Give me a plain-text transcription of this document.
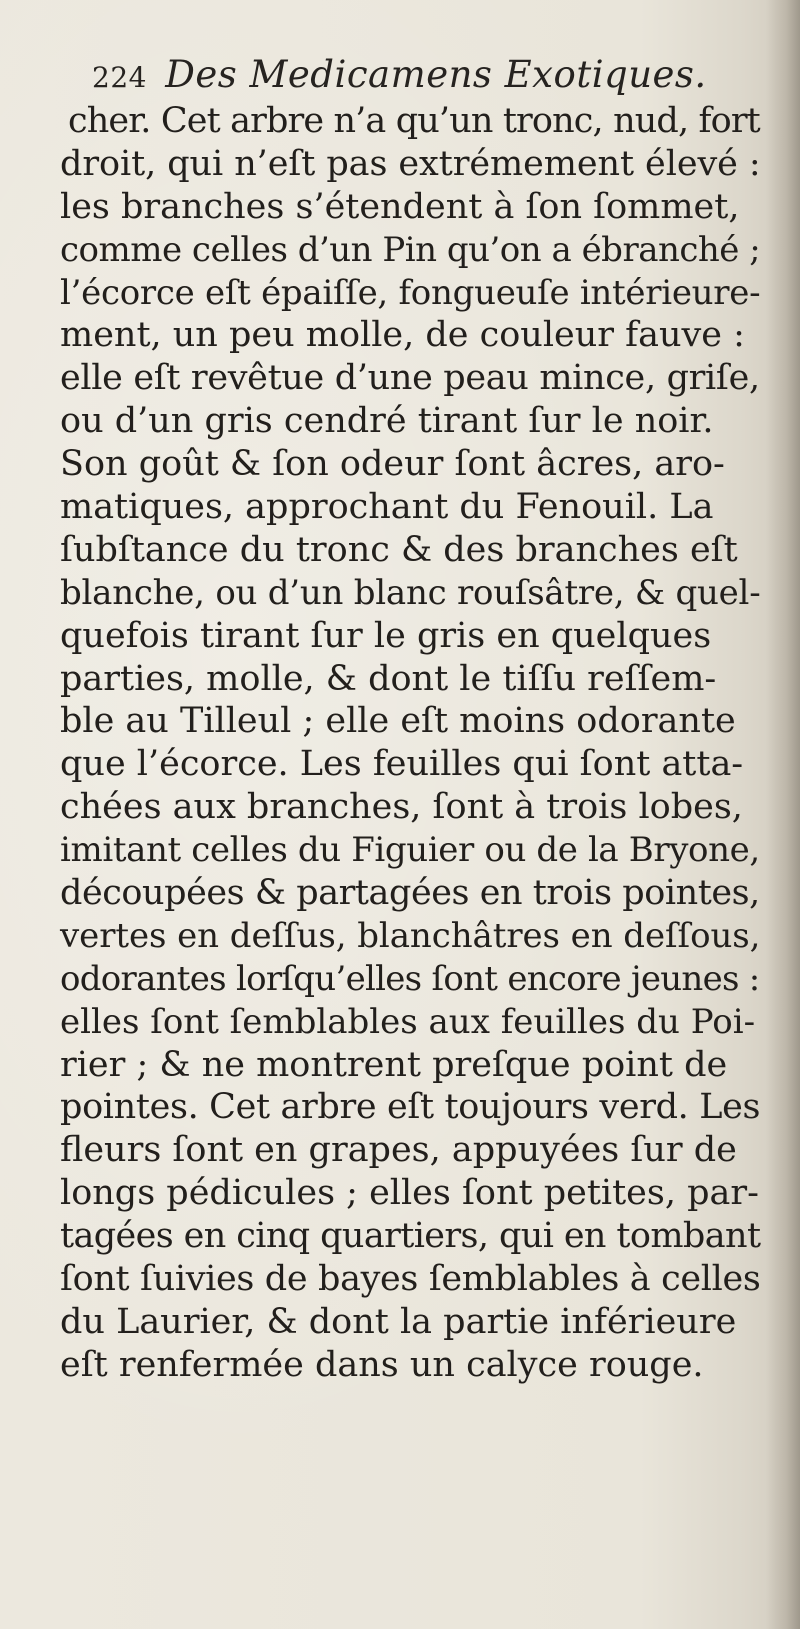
224 Des Medicamens Exotiques.
cher. Cet arbre n’a qu’un tronc, nud, fort
droit, qui n’eſt pas extrémement élevé :
les branches s’étendent à ſon ſommet,
comme celles d’un Pin qu’on a ébranché ;
l’écorce eſt épaiſſe, fongueuſe intérieure-
ment, un peu molle, de couleur fauve :
elle eſt revêtue d’une peau mince, griſe,
ou d’un gris cendré tirant ſur le noir.
Son goût & ſon odeur ſont âcres, aro-
matiques, approchant du Fenouil. La
ſubſtance du tronc & des branches eſt
blanche, ou d’un blanc rouſsâtre, & quel-
quefois tirant ſur le gris en quelques
parties, molle, & dont le tiſſu reſſem-
ble au Tilleul ; elle eſt moins odorante
que l’écorce. Les feuilles qui ſont atta-
chées aux branches, ſont à trois lobes,
imitant celles du Figuier ou de la Bryone,
découpées & partagées en trois pointes,
vertes en deſſus, blanchâtres en deſſous,
odorantes lorſqu’elles ſont encore jeunes :
elles ſont ſemblables aux feuilles du Poi-
rier ; & ne montrent preſque point de
pointes. Cet arbre eſt toujours verd. Les
fleurs ſont en grapes, appuyées ſur de
longs pédicules ; elles ſont petites, par-
tagées en cinq quartiers, qui en tombant
ſont ſuivies de bayes ſemblables à celles
du Laurier, & dont la partie inférieure
eſt renfermée dans un calyce rouge.
